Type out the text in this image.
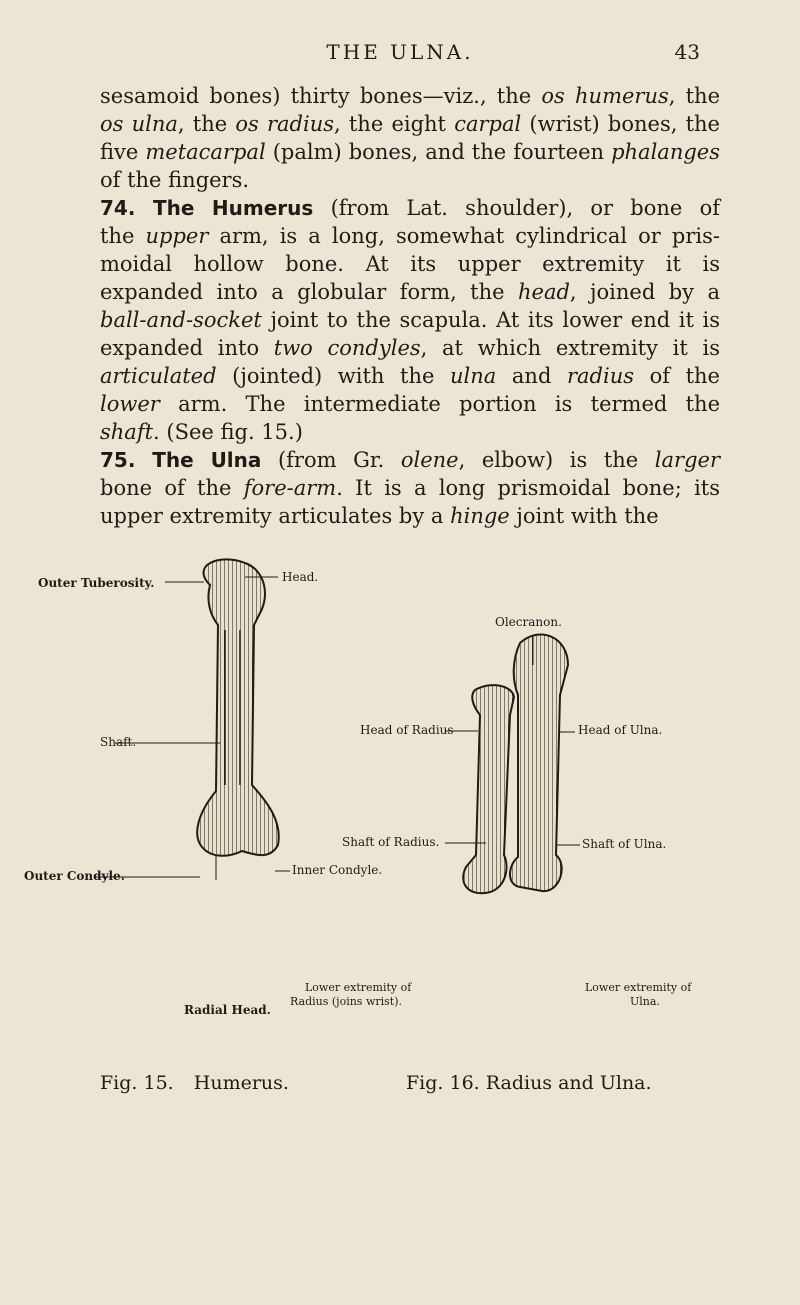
THE ULNA.	43
sesamoid bones) thirty bones—viz., the os humerus, the
os ulna, the os radius, the eight carpal (wrist) bones, the
five metacarpal (palm) bones, and the fourteen phalanges
of the fingers.
74. The Humerus (from Lat. shoulder), or bone of
the upper arm, is a long, somewhat cylindrical or pris-
moidal hollow bone. At its upper extremity it is
expanded into a globular form, the head, joined by a
ball-and-socket joint to the scapula. At its lower end it is
expanded into two condyles, at which extremity it is
articulated (jointed) with the ulna and radius of the
lower arm. The intermediate portion is termed the
shaft. (See fig. 15.)
75. The Ulna (from Gr. olene, elbow) is the larger
bone of the fore-arm. It is a long prismoidal bone; its
upper extremity articulates by a hinge joint with the
Head.
Outer Tuberosity.
Shaft.
Outer Condyle.	Inner Condyle.
Radial Head.
Olecranon.
Head of Radius	Head of Ulna.
Shaft of Radius.	Shaft of Ulna.
Lower extremity of
Radius (joins wrist).
Lower extremity of
Ulna.
Fig. 15. Humerus.	Fig. 16. Radius and Ulna.
